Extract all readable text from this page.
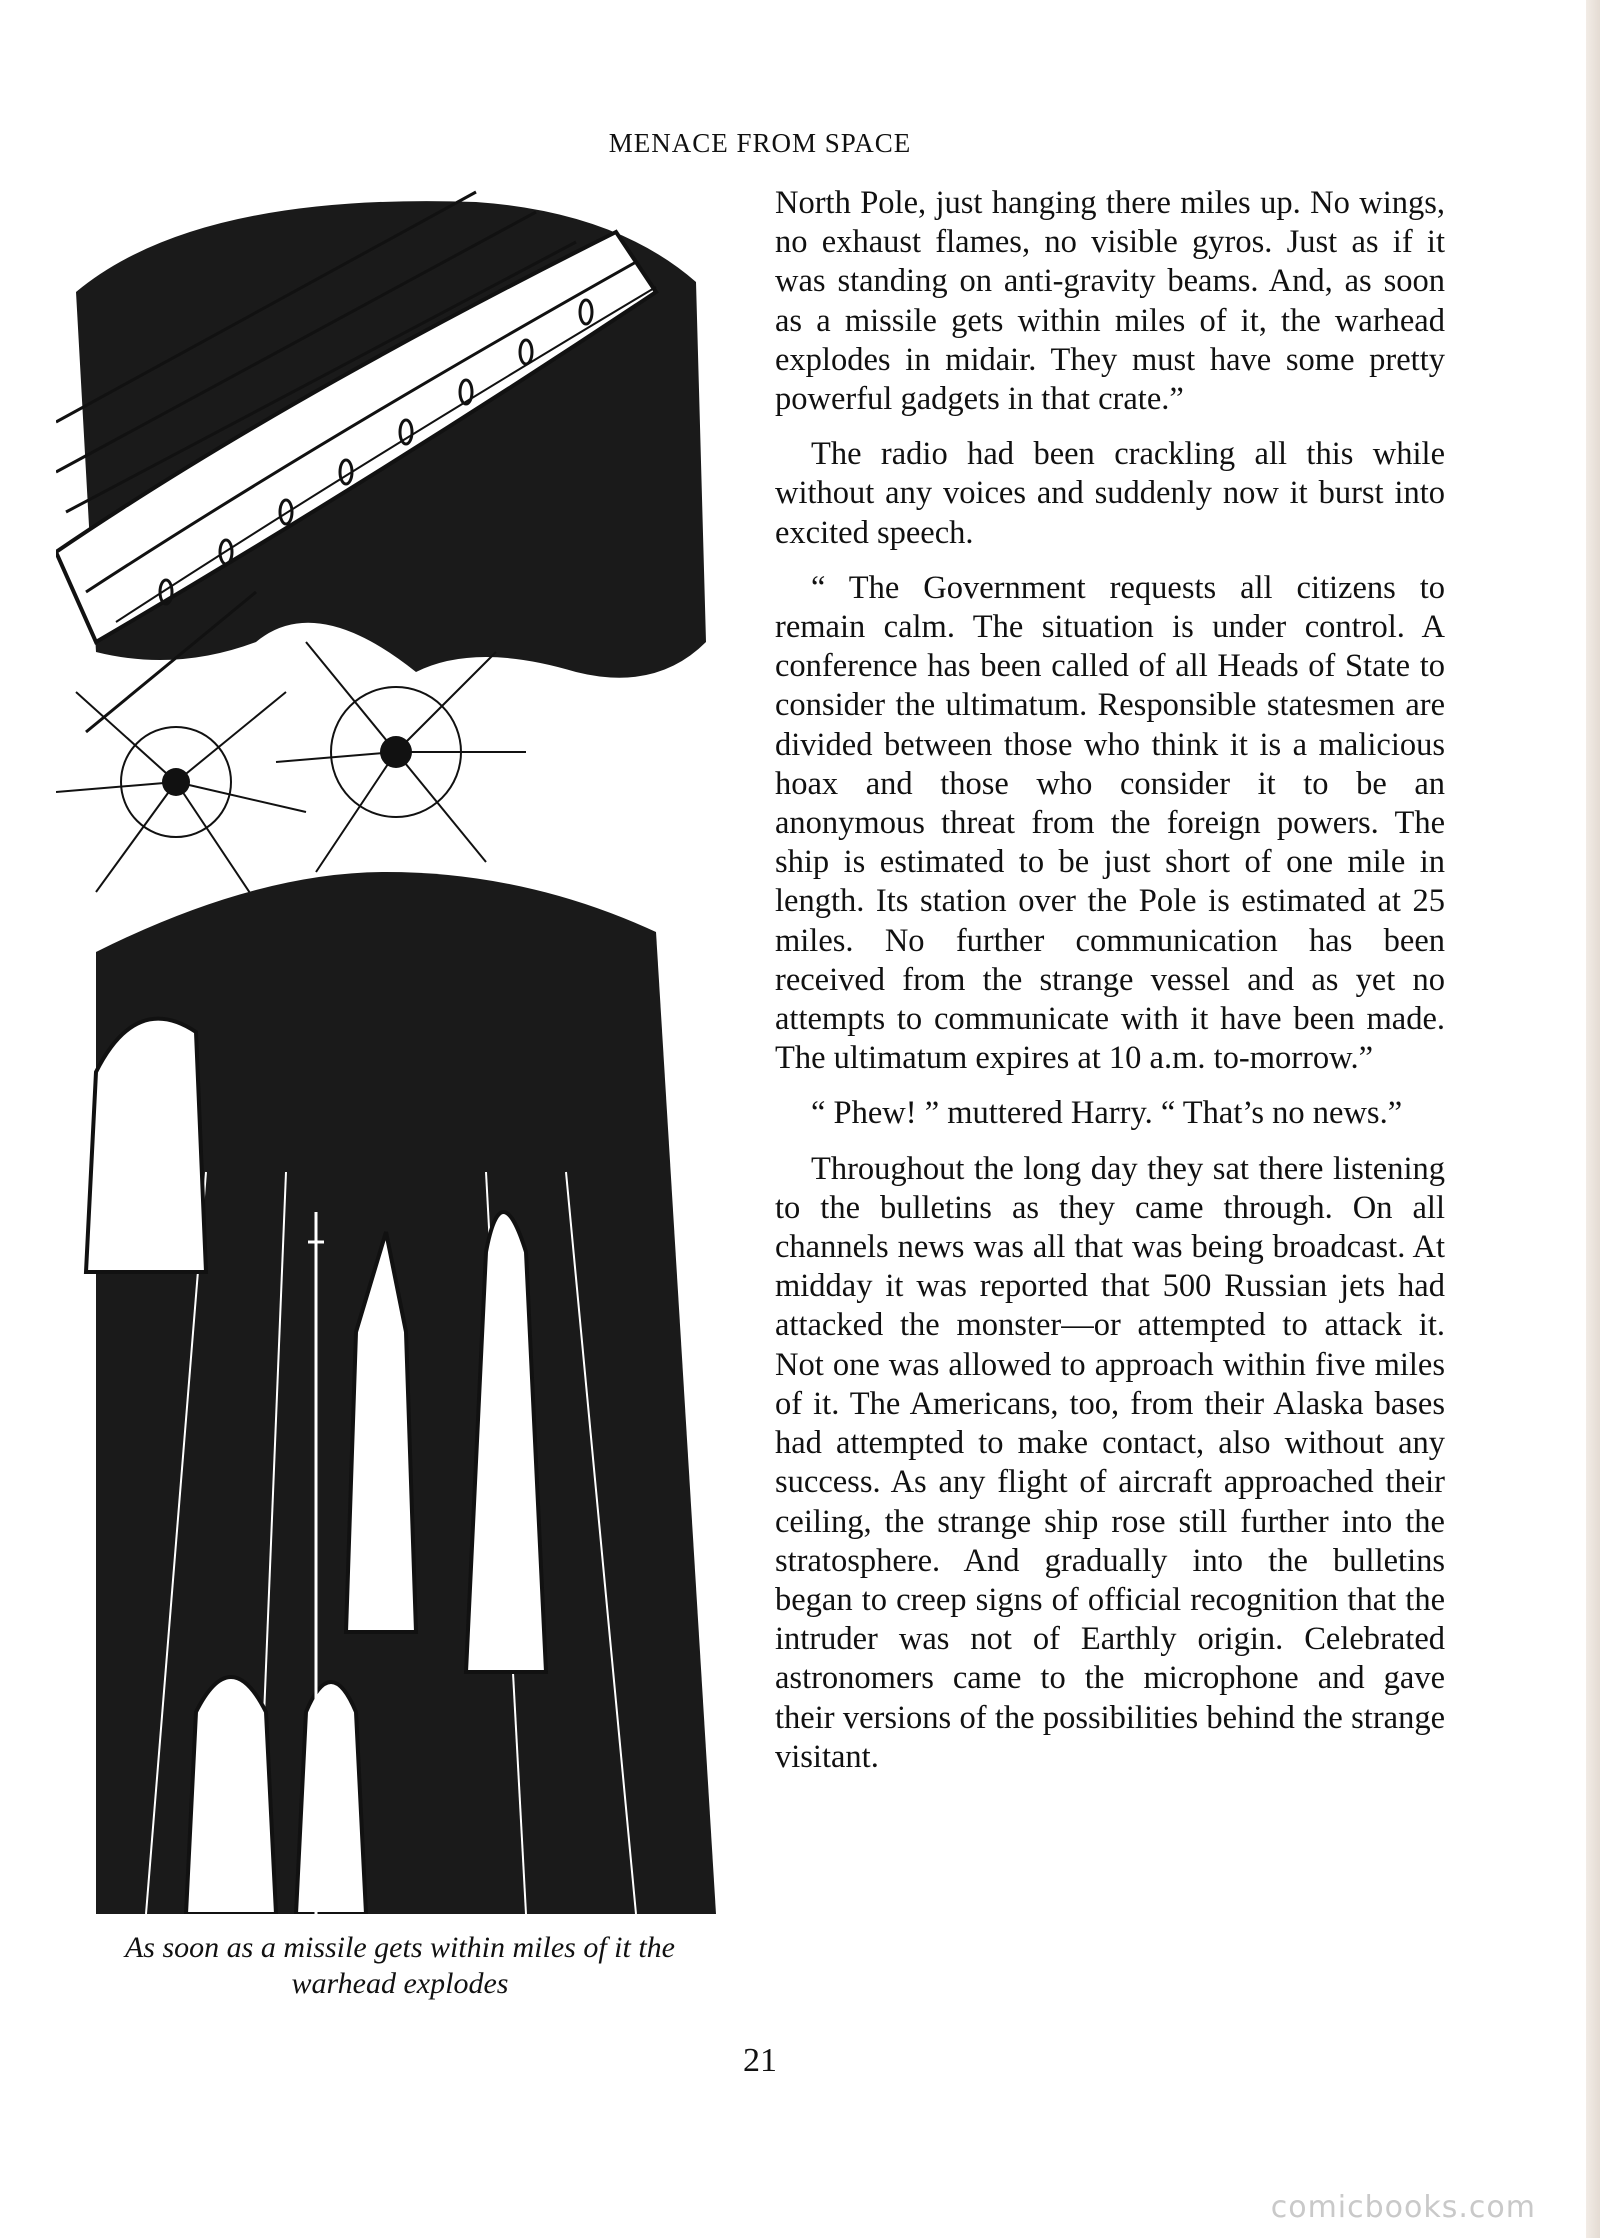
MENACE FROM SPACE
As soon as a missile gets within miles of it the warhead explodes

North Pole, just hanging there miles up. No wings, no exhaust flames, no visible gyros. Just as if it was standing on anti-gravity beams. And, as soon as a missile gets within miles of it, the warhead explodes in midair. They must have some pretty powerful gadgets in that crate.”

The radio had been crackling all this while without any voices and suddenly now it burst into excited speech.

“ The Government requests all citizens to remain calm. The situation is under control. A conference has been called of all Heads of State to consider the ultimatum. Responsible statesmen are divided between those who think it is a malicious hoax and those who consider it to be an anonymous threat from the foreign powers. The ship is estimated to be just short of one mile in length. Its station over the Pole is estimated at 25 miles. No further communication has been received from the strange vessel and as yet no attempts to communicate with it have been made. The ultimatum expires at 10 a.m. to-morrow.”

“ Phew! ” muttered Harry. “ That’s no news.”

Throughout the long day they sat there listening to the bulletins as they came through. On all channels news was all that was being broadcast. At midday it was reported that 500 Russian jets had attacked the monster—or attempted to attack it. Not one was allowed to approach within five miles of it. The Americans, too, from their Alaska bases had attempted to make contact, also without any success. As any flight of aircraft approached their ceiling, the strange ship rose still further into the stratosphere. And gradually into the bulletins began to creep signs of official recognition that the intruder was not of Earthly origin. Celebrated astronomers came to the microphone and gave their versions of the possibilities behind the strange visitant.

21
comicbooks.com
